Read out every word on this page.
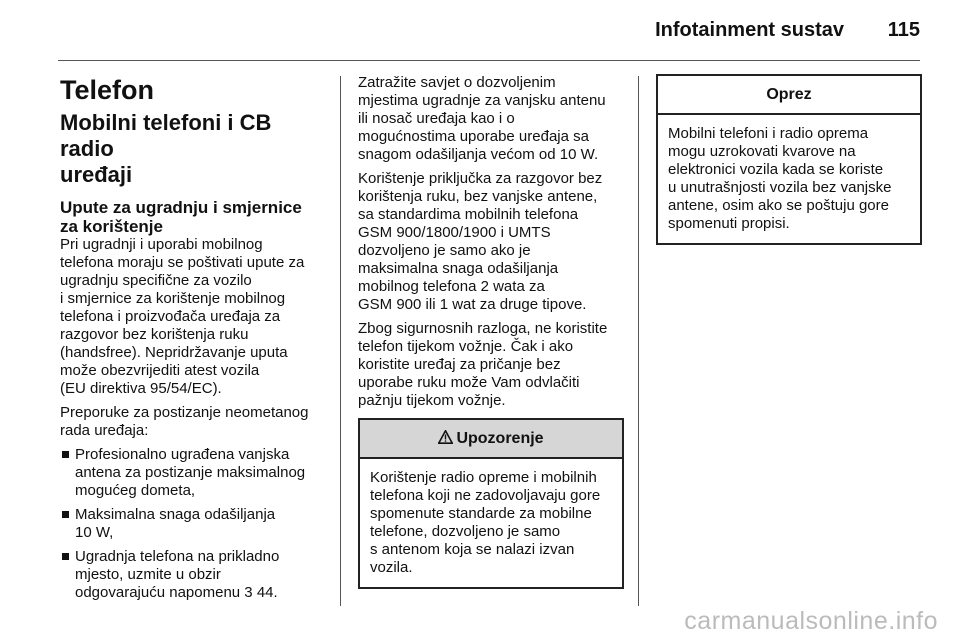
Infotainment sustav 115
Telefon
Mobilni telefoni i CB radio
uređaji
Upute za ugradnju i smjernice
za korištenje

Pri ugradnji i uporabi mobilnog
telefona moraju se poštivati upute za
ugradnju specifične za vozilo
i smjernice za korištenje mobilnog
telefona i proizvođača uređaja za
razgovor bez korištenja ruku
(handsfree). Nepridržavanje uputa
može obezvrijediti atest vozila
(EU direktiva 95/54/EC).

Preporuke za postizanje neometanog
rada uređaja:

Profesionalno ugrađena vanjska
antena za postizanje maksimalnog
mogućeg dometa,
Maksimalna snaga odašiljanja
10 W,
Ugradnja telefona na prikladno
mjesto, uzmite u obzir
odgovarajuću napomenu 3 44.

Zatražite savjet o dozvoljenim
mjestima ugradnje za vanjsku antenu
ili nosač uređaja kao i o
mogućnostima uporabe uređaja sa
snagom odašiljanja većom od 10 W.

Korištenje priključka za razgovor bez
korištenja ruku, bez vanjske antene,
sa standardima mobilnih telefona
GSM 900/1800/1900 i UMTS
dozvoljeno je samo ako je
maksimalna snaga odašiljanja
mobilnog telefona 2 wata za
GSM 900 ili 1 wat za druge tipove.

Zbog sigurnosnih razloga, ne koristite
telefon tijekom vožnje. Čak i ako
koristite uređaj za pričanje bez
uporabe ruku može Vam odvlačiti
pažnju tijekom vožnje.

Upozorenje
Korištenje radio opreme i mobilnih
telefona koji ne zadovoljavaju gore
spomenute standarde za mobilne
telefone, dozvoljeno je samo
s antenom koja se nalazi izvan
vozila.
Oprez
Mobilni telefoni i radio oprema
mogu uzrokovati kvarove na
elektronici vozila kada se koriste
u unutrašnjosti vozila bez vanjske
antene, osim ako se poštuju gore
spomenuti propisi.
carmanualsonline.info
